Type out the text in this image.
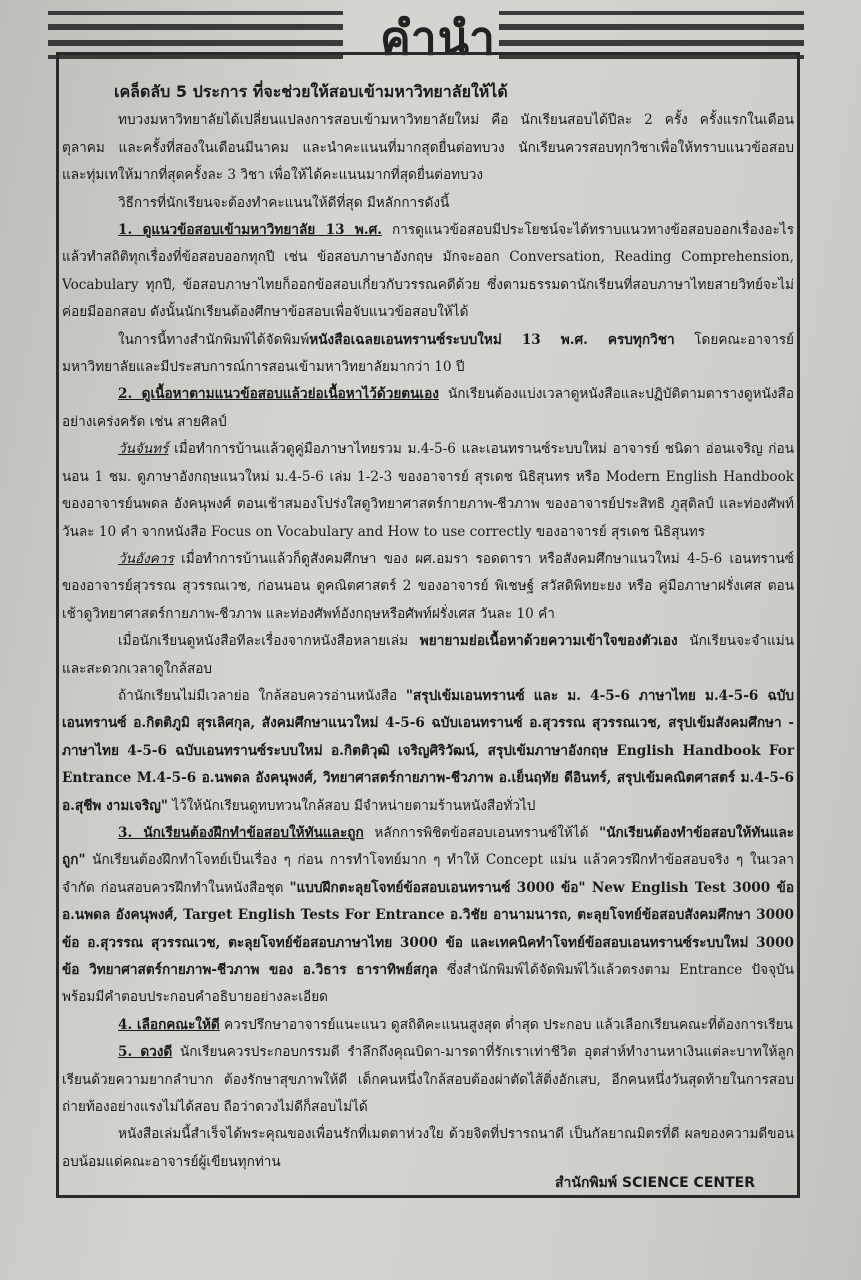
คำนำ

เคล็ดลับ 5 ประการ ที่จะช่วยให้สอบเข้ามหาวิทยาลัยให้ได้

ทบวงมหาวิทยาลัยได้เปลี่ยนแปลงการสอบเข้ามหาวิทยาลัยใหม่ คือ นักเรียนสอบได้ปีละ 2 ครั้ง ครั้งแรกในเดือนตุลาคม และครั้งที่สองในเดือนมีนาคม และนำคะแนนที่มากสุดยื่นต่อทบวง นักเรียนควรสอบทุกวิชาเพื่อให้ทราบแนวข้อสอบ และทุ่มเทให้มากที่สุดครั้งละ 3 วิชา เพื่อให้ได้คะแนนมากที่สุดยื่นต่อทบวง

วิธีการที่นักเรียนจะต้องทำคะแนนให้ดีที่สุด มีหลักการดังนี้

1. ดูแนวข้อสอบเข้ามหาวิทยาลัย 13 พ.ศ. การดูแนวข้อสอบมีประโยชน์จะได้ทราบแนวทางข้อสอบออกเรื่องอะไร แล้วทำสถิติทุกเรื่องที่ข้อสอบออกทุกปี เช่น ข้อสอบภาษาอังกฤษ มักจะออก Conversation, Reading Comprehension, Vocabulary ทุกปี, ข้อสอบภาษาไทยก็ออกข้อสอบเกี่ยวกับวรรณคดีด้วย ซึ่งตามธรรมดานักเรียนที่สอบภาษาไทยสายวิทย์จะไม่ค่อยมีออกสอบ ดังนั้นนักเรียนต้องศึกษาข้อสอบเพื่อจับแนวข้อสอบให้ได้

ในการนี้ทางสำนักพิมพ์ได้จัดพิมพ์หนังสือเฉลยเอนทรานซ์ระบบใหม่ 13 พ.ศ. ครบทุกวิชา โดยคณะอาจารย์มหาวิทยาลัยและมีประสบการณ์การสอนเข้ามหาวิทยาลัยมากว่า 10 ปี

2. ดูเนื้อหาตามแนวข้อสอบแล้วย่อเนื้อหาไว้ด้วยตนเอง นักเรียนต้องแบ่งเวลาดูหนังสือและปฏิบัติตามตารางดูหนังสืออย่างเคร่งครัด เช่น สายศิลป์

วันจันทร์ เมื่อทำการบ้านแล้วดูคู่มือภาษาไทยรวม ม.4-5-6 และเอนทรานซ์ระบบใหม่ อาจารย์ ชนิดา อ่อนเจริญ ก่อนนอน 1 ชม. ดูภาษาอังกฤษแนวใหม่ ม.4-5-6 เล่ม 1-2-3 ของอาจารย์ สุรเดช นิธิสุนทร หรือ Modern English Handbook ของอาจารย์นพดล อังคนุพงศ์ ตอนเช้าสมองโปร่งใสดูวิทยาศาสตร์กายภาพ-ชีวภาพ ของอาจารย์ประสิทธิ ภูสุติลป์ และท่องศัพท์วันละ 10 คำ จากหนังสือ Focus on Vocabulary and How to use correctly ของอาจารย์ สุรเดช นิธิสุนทร

วันอังคาร เมื่อทำการบ้านแล้วก็ดูสังคมศึกษา ของ ผศ.อมรา รอดดารา หรือสังคมศึกษาแนวใหม่ 4-5-6 เอนทรานซ์ของอาจารย์สุวรรณ สุวรรณเวช, ก่อนนอน ดูคณิตศาสตร์ 2 ของอาจารย์ พิเชษฐ์ สวัสดิพิทยะยง หรือ คู่มือภาษาฝรั่งเศส ตอนเช้าดูวิทยาศาสตร์กายภาพ-ชีวภาพ และท่องศัพท์อังกฤษหรือศัพท์ฝรั่งเศส วันละ 10 คำ

เมื่อนักเรียนดูหนังสือทีละเรื่องจากหนังสือหลายเล่ม พยายามย่อเนื้อหาด้วยความเข้าใจของตัวเอง นักเรียนจะจำแม่นและสะดวกเวลาดูใกล้สอบ

ถ้านักเรียนไม่มีเวลาย่อ ใกล้สอบควรอ่านหนังสือ "สรุปเข้มเอนทรานซ์ และ ม. 4-5-6 ภาษาไทย ม.4-5-6 ฉบับเอนทรานซ์ อ.กิตติภูมิ สุรเลิศกุล, สังคมศึกษาแนวใหม่ 4-5-6 ฉบับเอนทรานซ์ อ.สุวรรณ สุวรรณเวช, สรุปเข้มสังคมศึกษา - ภาษาไทย 4-5-6 ฉบับเอนทรานซ์ระบบใหม่ อ.กิตติวุฒิ เจริญศิริวัฒน์, สรุปเข้มภาษาอังกฤษ English Handbook For Entrance M.4-5-6 อ.นพดล อังคนุพงศ์, วิทยาศาสตร์กายภาพ-ชีวภาพ อ.เย็นฤทัย ดีอินทร์, สรุปเข้มคณิตศาสตร์ ม.4-5-6 อ.สุชีพ งามเจริญ" ไว้ให้นักเรียนดูทบทวนใกล้สอบ มีจำหน่ายตามร้านหนังสือทั่วไป

3. นักเรียนต้องฝึกทำข้อสอบให้ทันและถูก หลักการพิชิตข้อสอบเอนทรานซ์ให้ได้ "นักเรียนต้องทำข้อสอบให้ทันและถูก" นักเรียนต้องฝึกทำโจทย์เป็นเรื่อง ๆ ก่อน การทำโจทย์มาก ๆ ทำให้ Concept แม่น แล้วควรฝึกทำข้อสอบจริง ๆ ในเวลาจำกัด ก่อนสอบควรฝึกทำในหนังสือชุด "แบบฝึกตะลุยโจทย์ข้อสอบเอนทรานซ์ 3000 ข้อ" New English Test 3000 ข้อ อ.นพดล อังคนุพงศ์, Target English Tests For Entrance อ.วิชัย อานามนารถ, ตะลุยโจทย์ข้อสอบสังคมศึกษา 3000 ข้อ อ.สุวรรณ สุวรรณเวช, ตะลุยโจทย์ข้อสอบภาษาไทย 3000 ข้อ และเทคนิคทำโจทย์ข้อสอบเอนทรานซ์ระบบใหม่ 3000 ข้อ วิทยาศาสตร์กายภาพ-ชีวภาพ ของ อ.วิธาร ธาราทิพย์สกุล ซึ่งสำนักพิมพ์ได้จัดพิมพ์ไว้แล้วตรงตาม Entrance ปัจจุบัน พร้อมมีคำตอบประกอบคำอธิบายอย่างละเอียด

4. เลือกคณะให้ดี ควรปรึกษาอาจารย์แนะแนว ดูสถิติคะแนนสูงสุด ต่ำสุด ประกอบ แล้วเลือกเรียนคณะที่ต้องการเรียน

5. ดวงดี นักเรียนควรประกอบกรรมดี รำลึกถึงคุณบิดา-มารดาที่รักเราเท่าชีวิต อุตส่าห์ทำงานหาเงินแต่ละบาทให้ลูกเรียนด้วยความยากลำบาก ต้องรักษาสุขภาพให้ดี เด็กคนหนึ่งใกล้สอบต้องผ่าตัดไส้ติ่งอักเสบ, อีกคนหนึ่งวันสุดท้ายในการสอบถ่ายท้องอย่างแรงไม่ได้สอบ ถือว่าดวงไม่ดีก็สอบไม่ได้

หนังสือเล่มนี้สำเร็จได้พระคุณของเพื่อนรักที่เมตตาห่วงใย ด้วยจิตที่ปรารถนาดี เป็นกัลยาณมิตรที่ดี ผลของความดีขอนอบน้อมแด่คณะอาจารย์ผู้เขียนทุกท่าน

สำนักพิมพ์ SCIENCE CENTER
